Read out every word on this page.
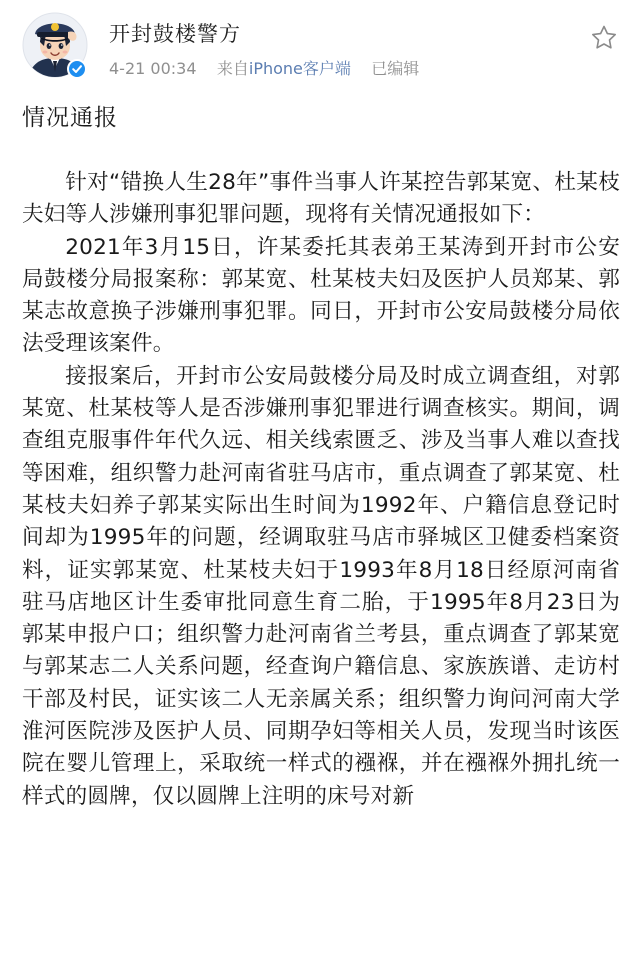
开封鼓楼警方
4-21 00:34 来自iPhone客户端 已编辑
情况通报

针对“错换人生28年”事件当事人许某控告郭某宽、杜某枝夫妇等人涉嫌刑事犯罪问题，现将有关情况通报如下：

2021年3月15日，许某委托其表弟王某涛到开封市公安局鼓楼分局报案称：郭某宽、杜某枝夫妇及医护人员郑某、郭某志故意换子涉嫌刑事犯罪。同日，开封市公安局鼓楼分局依法受理该案件。

接报案后，开封市公安局鼓楼分局及时成立调查组，对郭某宽、杜某枝等人是否涉嫌刑事犯罪进行调查核实。期间，调查组克服事件年代久远、相关线索匮乏、涉及当事人难以查找等困难，组织警力赴河南省驻马店市，重点调查了郭某宽、杜某枝夫妇养子郭某实际出生时间为1992年、户籍信息登记时间却为1995年的问题，经调取驻马店市驿城区卫健委档案资料，证实郭某宽、杜某枝夫妇于1993年8月18日经原河南省驻马店地区计生委审批同意生育二胎，于1995年8月23日为郭某申报户口；组织警力赴河南省兰考县，重点调查了郭某宽与郭某志二人关系问题，经查询户籍信息、家族族谱、走访村干部及村民，证实该二人无亲属关系；组织警力询问河南大学淮河医院涉及医护人员、同期孕妇等相关人员，发现当时该医院在婴儿管理上，采取统一样式的襁褓，并在襁褓外拥扎统一样式的圆牌，仅以圆牌上注明的床号对新
